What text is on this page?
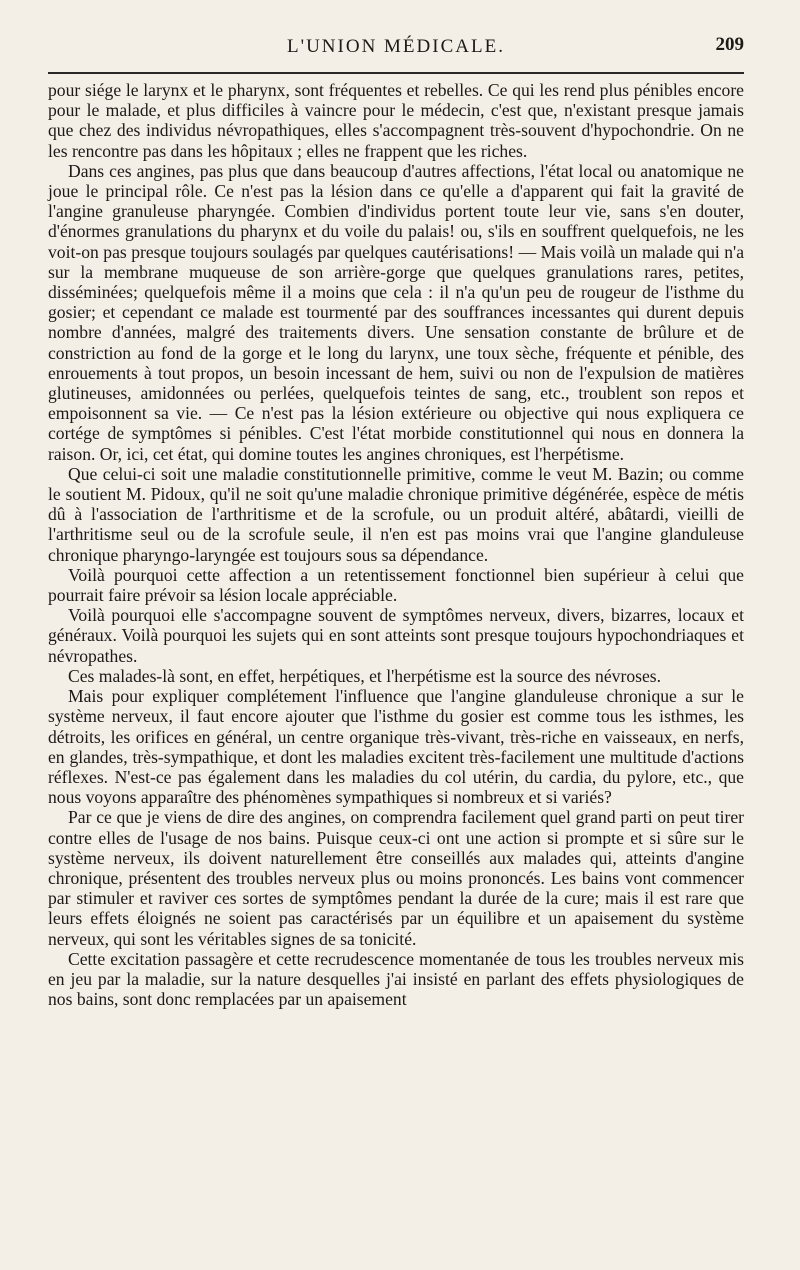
L'UNION MÉDICALE.	209

pour siége le larynx et le pharynx, sont fréquentes et rebelles. Ce qui les rend plus pénibles encore pour le malade, et plus difficiles à vaincre pour le médecin, c'est que, n'existant presque jamais que chez des individus névropathiques, elles s'accompagnent très-souvent d'hypochondrie. On ne les rencontre pas dans les hôpitaux ; elles ne frappent que les riches.

Dans ces angines, pas plus que dans beaucoup d'autres affections, l'état local ou anatomique ne joue le principal rôle. Ce n'est pas la lésion dans ce qu'elle a d'apparent qui fait la gravité de l'angine granuleuse pharyngée. Combien d'individus portent toute leur vie, sans s'en douter, d'énormes granulations du pharynx et du voile du palais! ou, s'ils en souffrent quelquefois, ne les voit-on pas presque toujours soulagés par quelques cautérisations! — Mais voilà un malade qui n'a sur la membrane muqueuse de son arrière-gorge que quelques granulations rares, petites, disséminées; quelquefois même il a moins que cela : il n'a qu'un peu de rougeur de l'isthme du gosier; et cependant ce malade est tourmenté par des souffrances incessantes qui durent depuis nombre d'années, malgré des traitements divers. Une sensation constante de brûlure et de constriction au fond de la gorge et le long du larynx, une toux sèche, fréquente et pénible, des enrouements à tout propos, un besoin incessant de hem, suivi ou non de l'expulsion de matières glutineuses, amidonnées ou perlées, quelquefois teintes de sang, etc., troublent son repos et empoisonnent sa vie. — Ce n'est pas la lésion extérieure ou objective qui nous expliquera ce cortége de symptômes si pénibles. C'est l'état morbide constitutionnel qui nous en donnera la raison. Or, ici, cet état, qui domine toutes les angines chroniques, est l'herpétisme.

Que celui-ci soit une maladie constitutionnelle primitive, comme le veut M. Bazin; ou comme le soutient M. Pidoux, qu'il ne soit qu'une maladie chronique primitive dégénérée, espèce de métis dû à l'association de l'arthritisme et de la scrofule, ou un produit altéré, abâtardi, vieilli de l'arthritisme seul ou de la scrofule seule, il n'en est pas moins vrai que l'angine glanduleuse chronique pharyngo-laryngée est toujours sous sa dépendance.

Voilà pourquoi cette affection a un retentissement fonctionnel bien supérieur à celui que pourrait faire prévoir sa lésion locale appréciable.

Voilà pourquoi elle s'accompagne souvent de symptômes nerveux, divers, bizarres, locaux et généraux. Voilà pourquoi les sujets qui en sont atteints sont presque toujours hypochondriaques et névropathes.

Ces malades-là sont, en effet, herpétiques, et l'herpétisme est la source des névroses.

Mais pour expliquer complétement l'influence que l'angine glanduleuse chronique a sur le système nerveux, il faut encore ajouter que l'isthme du gosier est comme tous les isthmes, les détroits, les orifices en général, un centre organique très-vivant, très-riche en vaisseaux, en nerfs, en glandes, très-sympathique, et dont les maladies excitent très-facilement une multitude d'actions réflexes. N'est-ce pas également dans les maladies du col utérin, du cardia, du pylore, etc., que nous voyons apparaître des phénomènes sympathiques si nombreux et si variés?

Par ce que je viens de dire des angines, on comprendra facilement quel grand parti on peut tirer contre elles de l'usage de nos bains. Puisque ceux-ci ont une action si prompte et si sûre sur le système nerveux, ils doivent naturellement être conseillés aux malades qui, atteints d'angine chronique, présentent des troubles nerveux plus ou moins prononcés. Les bains vont commencer par stimuler et raviver ces sortes de symptômes pendant la durée de la cure; mais il est rare que leurs effets éloignés ne soient pas caractérisés par un équilibre et un apaisement du système nerveux, qui sont les véritables signes de sa tonicité.

Cette excitation passagère et cette recrudescence momentanée de tous les troubles nerveux mis en jeu par la maladie, sur la nature desquelles j'ai insisté en parlant des effets physiologiques de nos bains, sont donc remplacées par un apaisement
